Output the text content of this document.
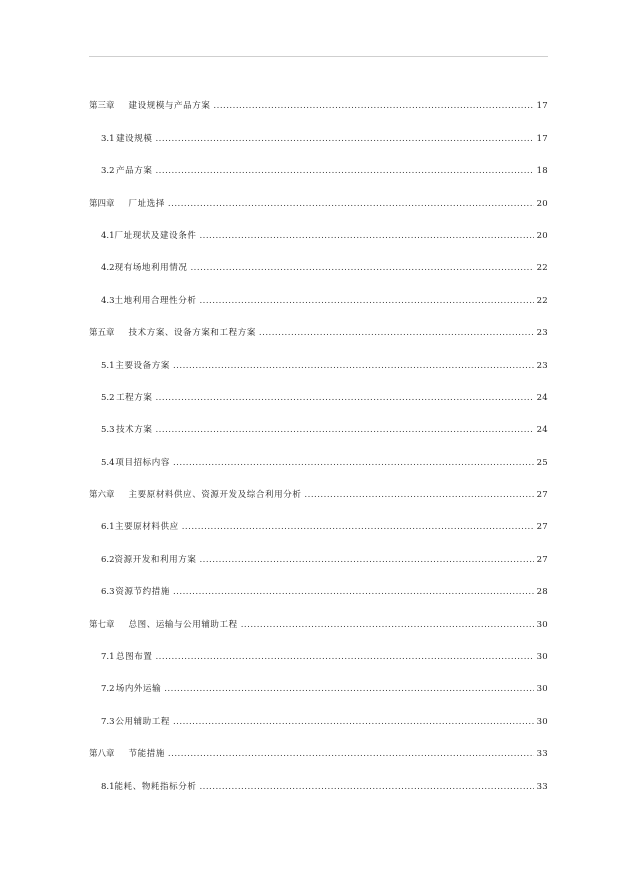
第三章 建设规模与产品方案 .....	17
3.1 建设规模 .....	17
3.2 产品方案 .....	18
第四章 厂址选择 .....	20
4.1 厂址现状及建设条件 .....	20
4.2 现有场地利用情况 .....	22
4.3 土地利用合理性分析 .....	22
第五章 技术方案、设备方案和工程方案 .....	23
5.1 主要设备方案 .....	23
5.2 工程方案 .....	24
5.3 技术方案 .....	24
5.4 项目招标内容 .....	25
第六章 主要原材料供应、资源开发及综合利用分析 .....	27
6.1 主要原材料供应 .....	27
6.2 资源开发和利用方案 .....	27
6.3 资源节约措施 .....	28
第七章 总图、运输与公用辅助工程 .....	30
7.1 总图布置 .....	30
7.2 场内外运输 .....	30
7.3 公用辅助工程 .....	30
第八章 节能措施 .....	33
8.1 能耗、物耗指标分析 .....	33
